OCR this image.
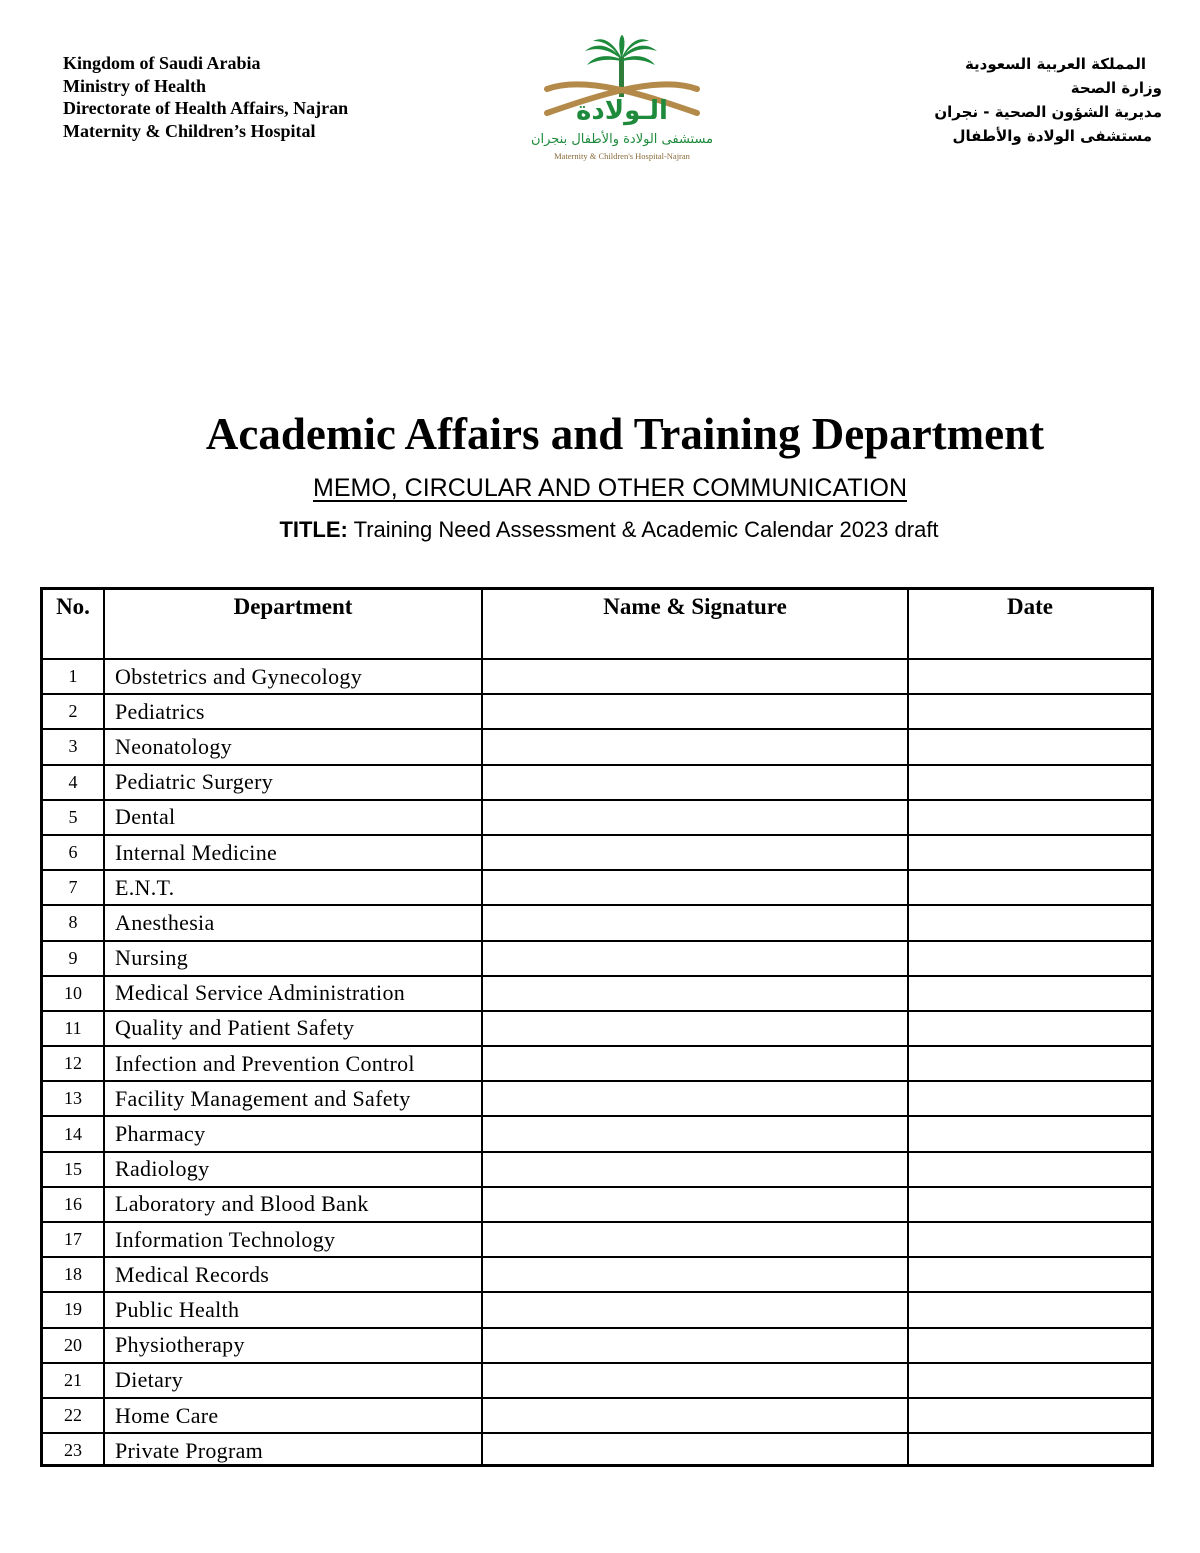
Kingdom of Saudi Arabia
Ministry of Health
Directorate of Health Affairs, Najran
Maternity & Children’s Hospital
الـولادة
مستشفى الولادة والأطفال بنجران
Maternity & Children's Hospital-Najran
المملكة العربية السعودية
وزارة الصحة
مديرية الشؤون الصحية - نجران
مستشفى الولادة والأطفال
Academic Affairs and Training Department
MEMO, CIRCULAR AND OTHER COMMUNICATION
TITLE: Training Need Assessment & Academic Calendar 2023 draft
No.	Department	Name & Signature	Date
1	Obstetrics and Gynecology		
2	Pediatrics		
3	Neonatology		
4	Pediatric Surgery		
5	Dental		
6	Internal Medicine		
7	E.N.T.		
8	Anesthesia		
9	Nursing		
10	Medical Service Administration		
11	Quality and Patient Safety		
12	Infection and Prevention Control		
13	Facility Management and Safety		
14	Pharmacy		
15	Radiology		
16	Laboratory and Blood Bank		
17	Information Technology		
18	Medical Records		
19	Public Health		
20	Physiotherapy		
21	Dietary		
22	Home Care		
23	Private Program		
